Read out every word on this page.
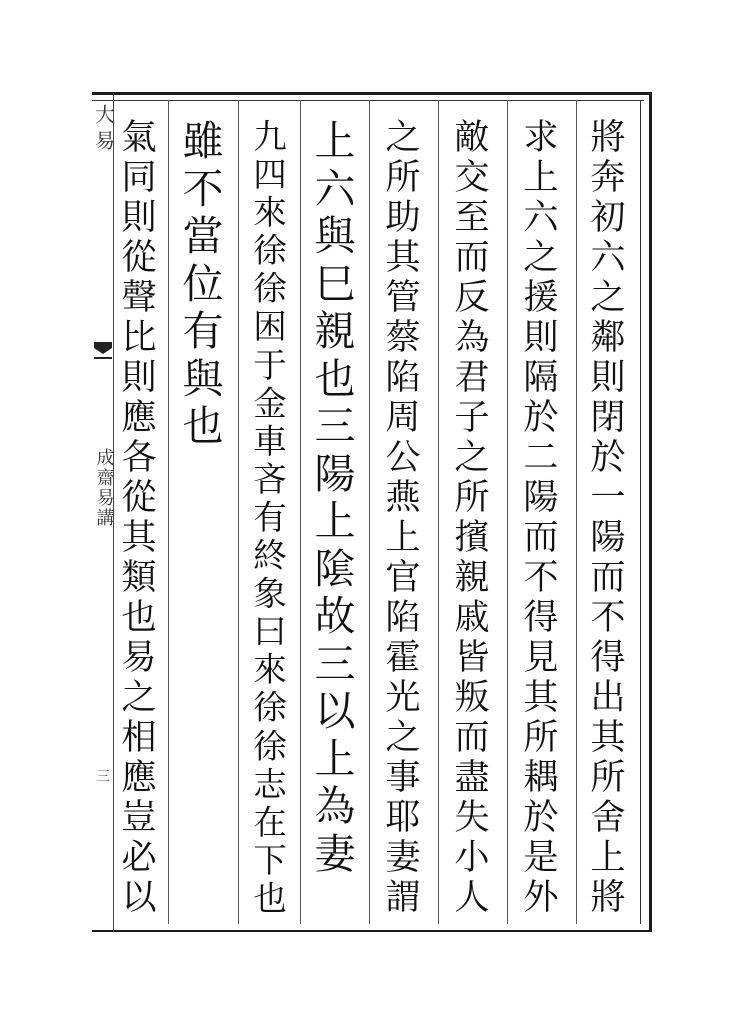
大易
成齋易講
三
將
奔
初
六
之
鄰
則
閉
於
一
陽
而
不
得
出
其
所
舍
上
將
求
上
六
之
援
則
隔
於
二
陽
而
不
得
見
其
所
耦
於
是
外
敵
交
至
而
反
為
君
子
之
所
擯
親
戚
皆
叛
而
盡
失
小
人
之
所
助
其
管
蔡
陷
周
公
燕
上
官
陷
霍
光
之
事
耶
妻
謂
上
六
與
巳
親
也
三
陽
上
隂
故
三
以
上
為
妻
九
四
來
徐
徐
困
于
金
車
吝
有
終
象
曰
來
徐
徐
志
在
下
也
雖
不
當
位
有
與
也
氣
同
則
從
聲
比
則
應
各
從
其
類
也
易
之
相
應
豈
必
以
